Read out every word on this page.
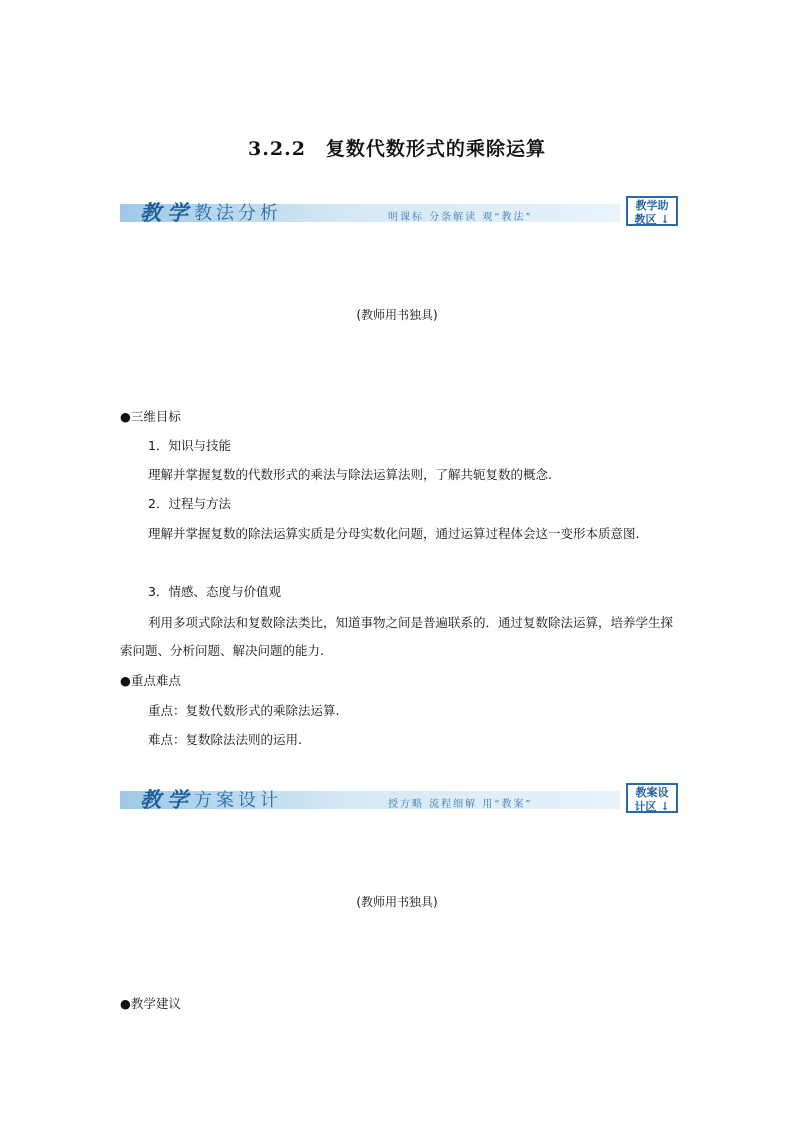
3.2.2　复数代数形式的乘除运算
教学 教法分析	明课标 分条解读 观“教法”
教学助
教区 ↓
(教师用书独具)
●三维目标
1．知识与技能
理解并掌握复数的代数形式的乘法与除法运算法则，了解共轭复数的概念.
2．过程与方法
理解并掌握复数的除法运算实质是分母实数化问题，通过运算过程体会这一变形本质意图.
3．情感、态度与价值观
利用多项式除法和复数除法类比，知道事物之间是普遍联系的．通过复数除法运算，培养学生探索问题、分析问题、解决问题的能力.
●重点难点
重点：复数代数形式的乘除法运算.
难点：复数除法法则的运用.
教学 方案设计	授方略 流程细解 用“教案”
教案设
计区 ↓
(教师用书独具)
●教学建议
